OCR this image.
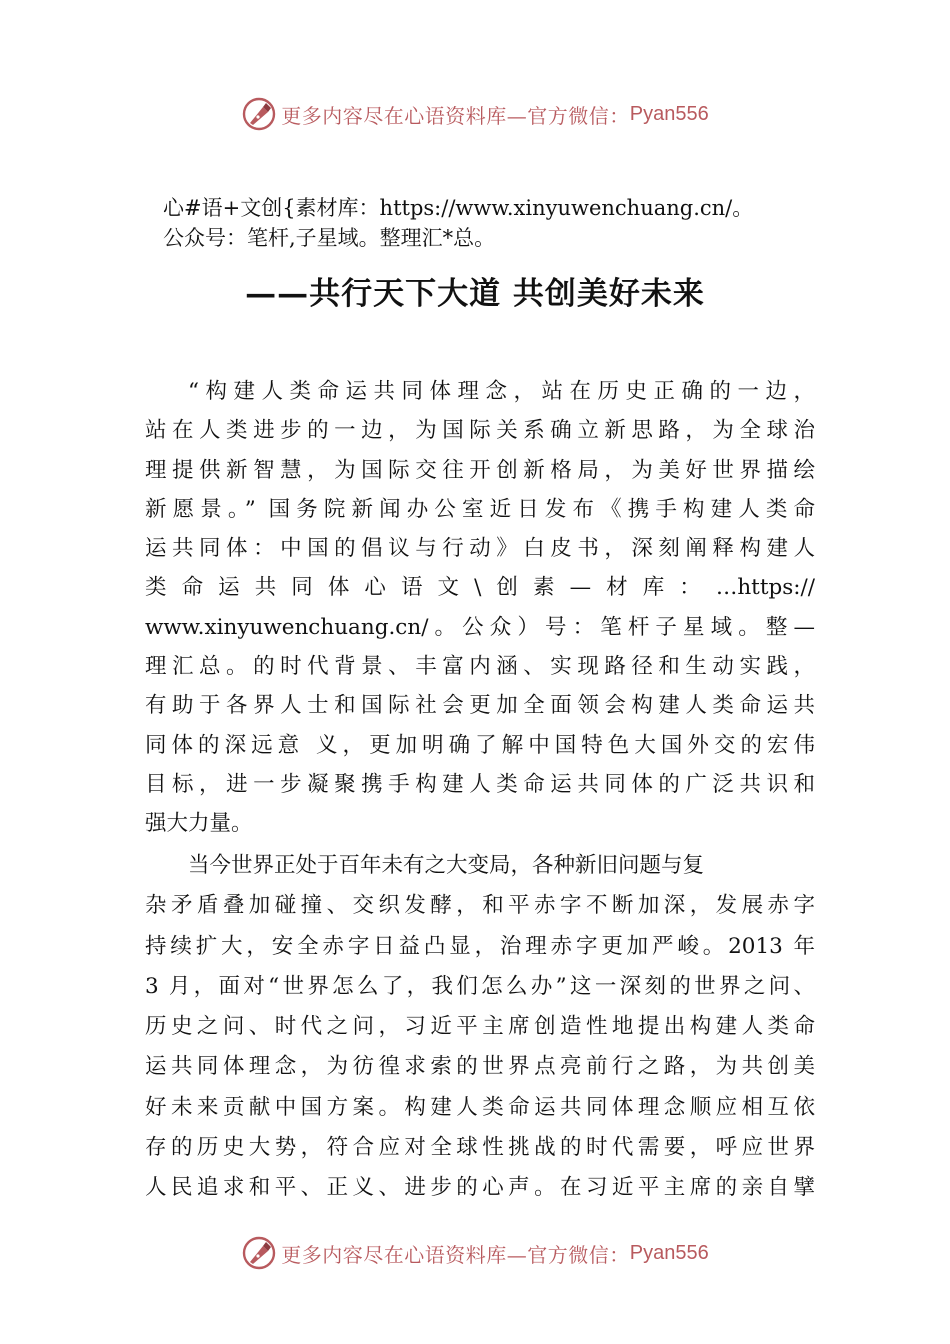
更多内容尽在心语资料库—官方微信： Pyan556
心#语+文创{素材库：https://www.xinyuwenchuang.cn/。
公众号：笔杆,子星域。整理汇*总。
——共行天下大道 共创美好未来
“构建人类命运共同体理念，站在历史正确的一边，
站在人类进步的一边，为国际关系确立新思路，为全球治
理提供新智慧，为国际交往开创新格局，为美好世界描绘
新愿景。” 国务院新闻办公室近日发布《携手构建人类命
运共同体：中国的倡议与行动》白皮书，深刻阐释构建人
类命运共同体心语文\创素—材库：…https://
www.xinyuwenchuang.cn/。公众）号：笔杆子星域。整—
理汇总。的时代背景、丰富内涵、实现路径和生动实践，
有助于各界人士和国际社会更加全面领会构建人类命运共
同体的深远意 义，更加明确了解中国特色大国外交的宏伟
目标，进一步凝聚携手构建人类命运共同体的广泛共识和
强大力量。
当今世界正处于百年未有之大变局，各种新旧问题与复
杂矛盾叠加碰撞、交织发酵，和平赤字不断加深，发展赤字
持续扩大，安全赤字日益凸显，治理赤字更加严峻。2013 年
3 月，面对“世界怎么了，我们怎么办”这一深刻的世界之问、
历史之问、时代之问，习近平主席创造性地提出构建人类命
运共同体理念，为彷徨求索的世界点亮前行之路，为共创美
好未来贡献中国方案。构建人类命运共同体理念顺应相互依
存的历史大势，符合应对全球性挑战的时代需要，呼应世界
人民追求和平、正义、进步的心声。在习近平主席的亲自擘
更多内容尽在心语资料库—官方微信： Pyan556
